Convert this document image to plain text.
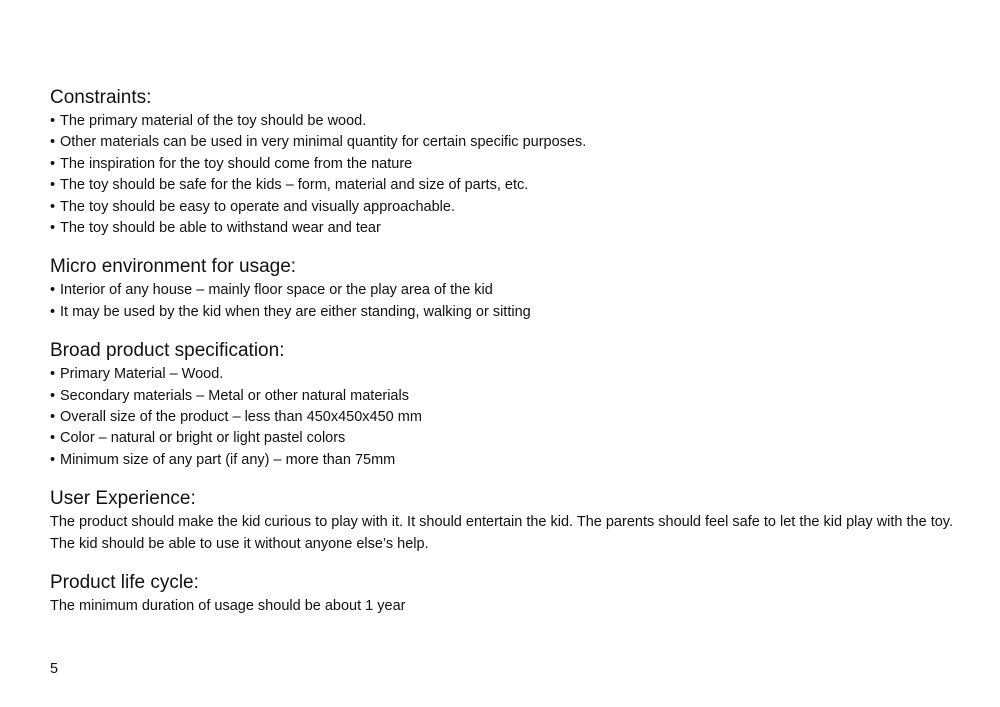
Constraints:
• The primary material of the toy should be wood.
• Other materials can be used in very minimal quantity for certain specific purposes.
• The inspiration for the toy should come from the nature
• The toy should be safe for the kids – form, material and size of parts, etc.
• The toy should be easy to operate and visually approachable.
• The toy should be able to withstand wear and tear
Micro environment for usage:
• Interior of any house – mainly floor space or the play area of the kid
• It may be used by the kid when they are either standing, walking or sitting
Broad product specification:
• Primary Material – Wood.
• Secondary materials – Metal or other natural materials
• Overall size of the product – less than 450x450x450 mm
• Color – natural or bright or light pastel colors
• Minimum size of any part (if any) – more than 75mm
User Experience:

The product should make the kid curious to play with it. It should entertain the kid. The parents should feel safe to let the kid play with the toy.

The kid should be able to use it without anyone else’s help.

Product life cycle:

The minimum duration of usage should be about 1 year

5
